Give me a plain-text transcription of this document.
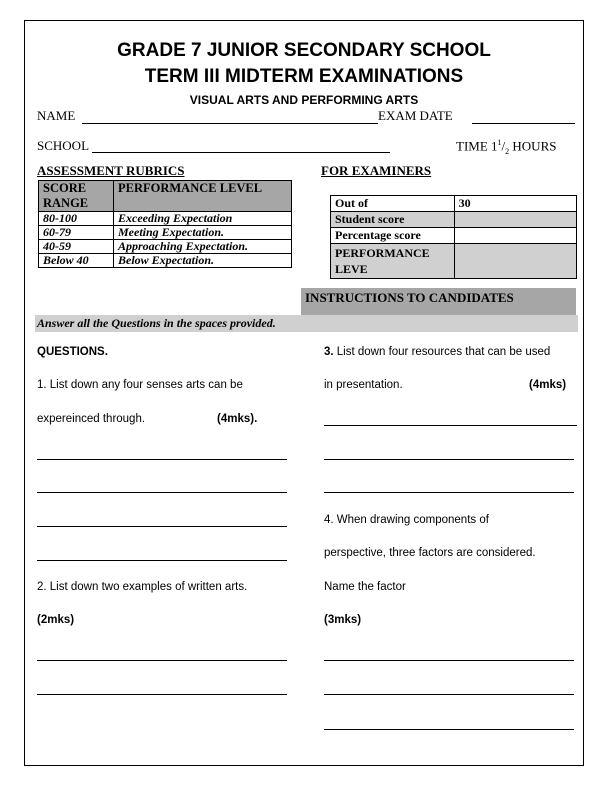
GRADE 7 JUNIOR SECONDARY SCHOOL
TERM III MIDTERM EXAMINATIONS
VISUAL ARTS AND PERFORMING ARTS
NAME	EXAM DATE
SCHOOL	TIME $1^1/_2$ HOURS
ASSESSMENT RUBRICS	FOR EXAMINERS
SCORE RANGE	PERFORMANCE LEVEL
80-100	Exceeding Expectation
60-79	Meeting Expectation.
40-59	Approaching Expectation.
Below 40	Below Expectation.
Out of	30
Student score	
Percentage score	
PERFORMANCE LEVE	
INSTRUCTIONS TO CANDIDATES
Answer all the Questions in the spaces provided.
QUESTIONS.
1. List down any four senses arts can be
expereinced through.	(4mks).
2. List down two examples of written arts.
(2mks)
3. List down four resources that can be used
in presentation.	(4mks)
4. When drawing components of
perspective, three factors are considered.
Name the factor
(3mks)
